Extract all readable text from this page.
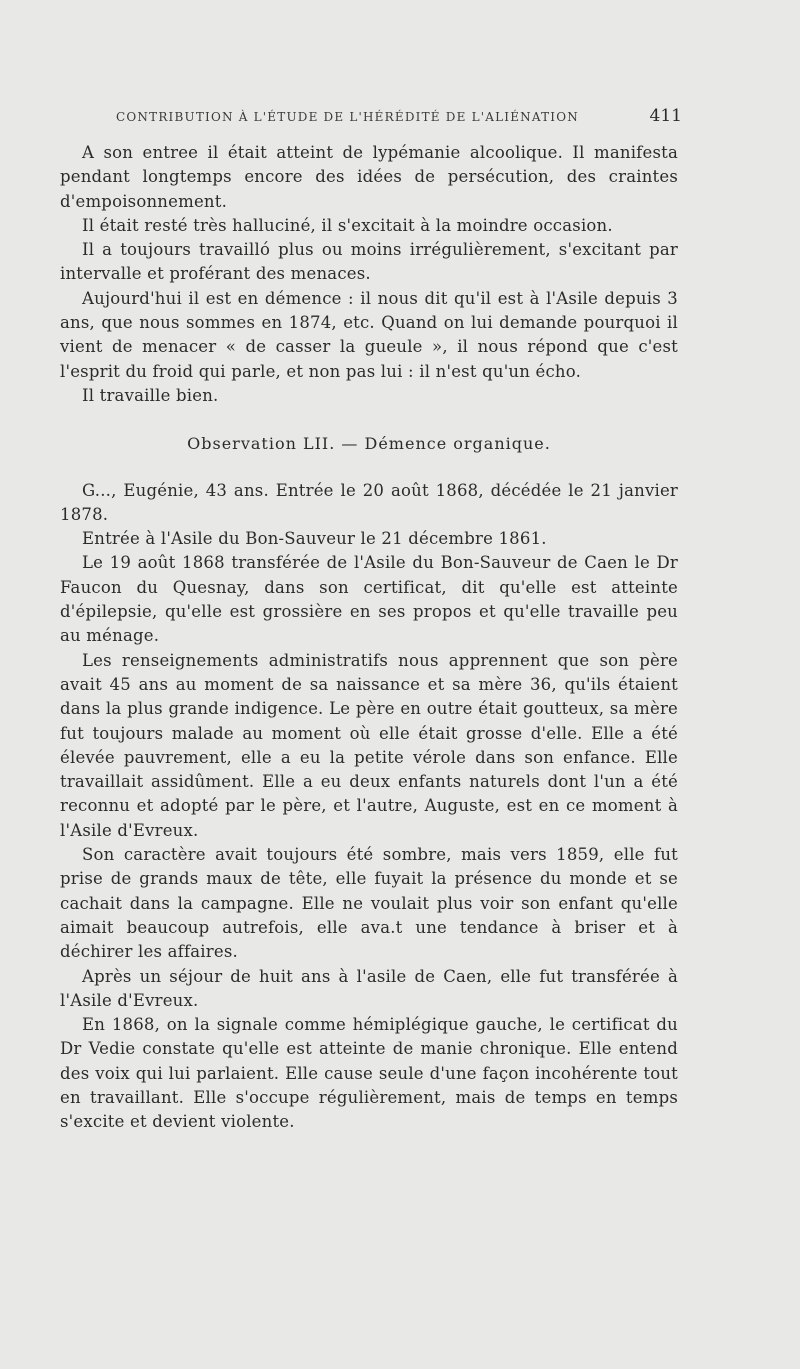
CONTRIBUTION À L'ÉTUDE DE L'HÉRÉDITÉ DE L'ALIÉNATION	411

A son entree il était atteint de lypémanie alcoolique. Il manifesta pendant longtemps encore des idées de persécution, des craintes d'empoisonnement.

Il était resté très halluciné, il s'excitait à la moindre occasion.

Il a toujours travailló plus ou moins irrégulièrement, s'excitant par intervalle et proférant des menaces.

Aujourd'hui il est en démence : il nous dit qu'il est à l'Asile depuis 3 ans, que nous sommes en 1874, etc. Quand on lui demande pourquoi il vient de menacer « de casser la gueule », il nous répond que c'est l'esprit du froid qui parle, et non pas lui : il n'est qu'un écho.

Il travaille bien.

Observation LII. — Démence organique.

G..., Eugénie, 43 ans. Entrée le 20 août 1868, décédée le 21 janvier 1878.

Entrée à l'Asile du Bon-Sauveur le 21 décembre 1861.

Le 19 août 1868 transférée de l'Asile du Bon-Sauveur de Caen le Dr Faucon du Quesnay, dans son certificat, dit qu'elle est atteinte d'épilepsie, qu'elle est grossière en ses propos et qu'elle travaille peu au ménage.

Les renseignements administratifs nous apprennent que son père avait 45 ans au moment de sa naissance et sa mère 36, qu'ils étaient dans la plus grande indigence. Le père en outre était goutteux, sa mère fut toujours malade au moment où elle était grosse d'elle. Elle a été élevée pauvrement, elle a eu la petite vérole dans son enfance. Elle travaillait assidûment. Elle a eu deux enfants naturels dont l'un a été reconnu et adopté par le père, et l'autre, Auguste, est en ce moment à l'Asile d'Evreux.

Son caractère avait toujours été sombre, mais vers 1859, elle fut prise de grands maux de tête, elle fuyait la présence du monde et se cachait dans la campagne. Elle ne voulait plus voir son enfant qu'elle aimait beaucoup autrefois, elle ava.t une tendance à briser et à déchirer les affaires.

Après un séjour de huit ans à l'asile de Caen, elle fut transférée à l'Asile d'Evreux.

En 1868, on la signale comme hémiplégique gauche, le certificat du Dr Vedie constate qu'elle est atteinte de manie chronique. Elle entend des voix qui lui parlaient. Elle cause seule d'une façon incohérente tout en travaillant. Elle s'occupe régulièrement, mais de temps en temps s'excite et devient violente.
